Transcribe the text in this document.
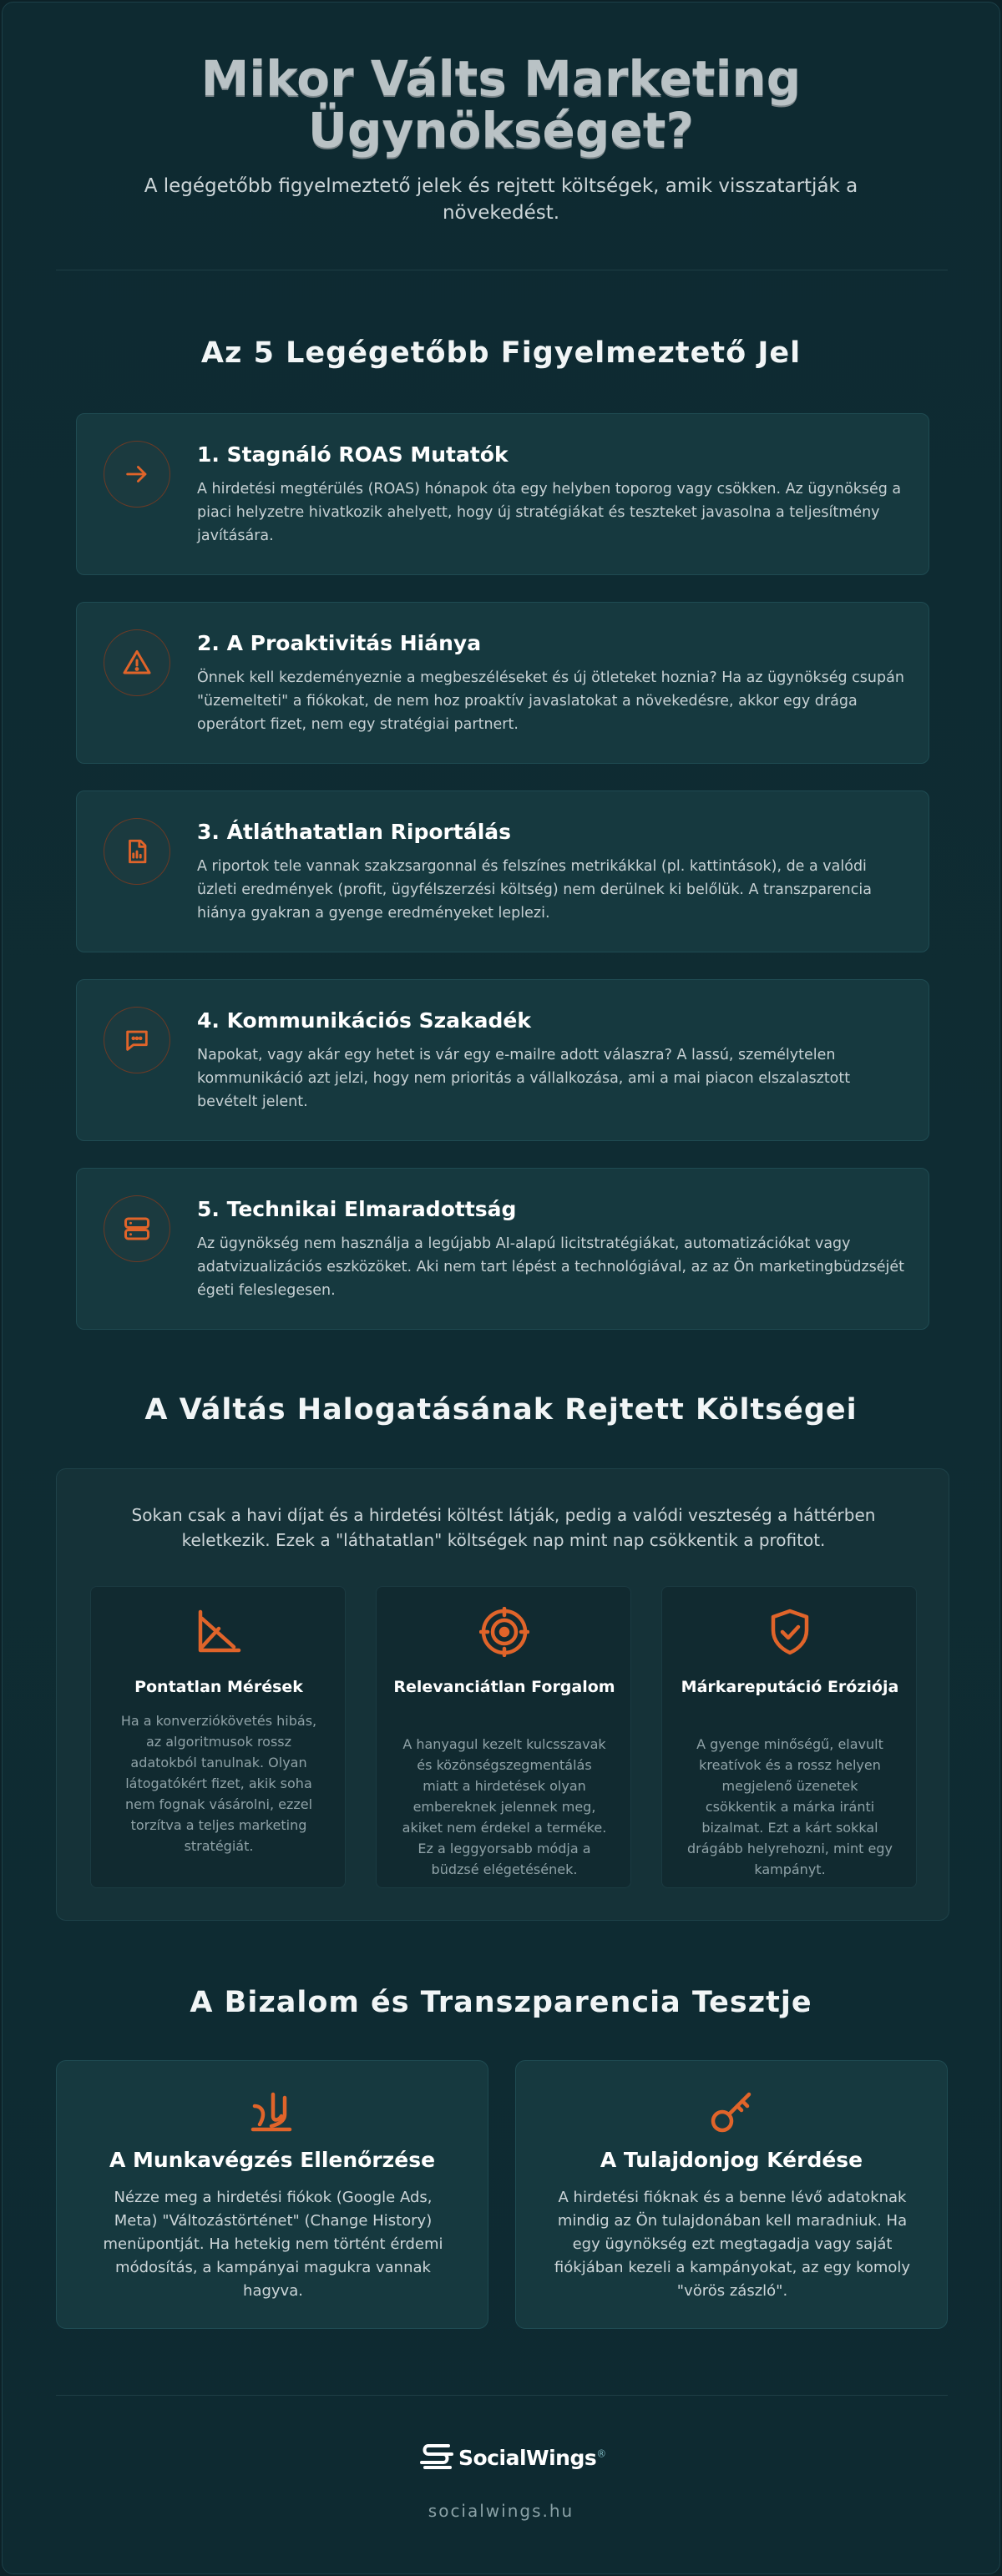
Mikor Válts Marketing Ügynökséget?

A legégetőbb figyelmeztető jelek és rejtett költségek, amik visszatartják a növekedést.

Az 5 Legégetőbb Figyelmeztető Jel
1. Stagnáló ROAS Mutatók
A hirdetési megtérülés (ROAS) hónapok óta egy helyben toporog vagy csökken. Az ügynökség a piaci helyzetre hivatkozik ahelyett, hogy új stratégiákat és teszteket javasolna a teljesítmény javítására.
2. A Proaktivitás Hiánya
Önnek kell kezdeményeznie a megbeszéléseket és új ötleteket hoznia? Ha az ügynökség csupán "üzemelteti" a fiókokat, de nem hoz proaktív javaslatokat a növekedésre, akkor egy drága operátort fizet, nem egy stratégiai partnert.
3. Átláthatatlan Riportálás
A riportok tele vannak szakzsargonnal és felszínes metrikákkal (pl. kattintások), de a valódi üzleti eredmények (profit, ügyfélszerzési költség) nem derülnek ki belőlük. A transzparencia hiánya gyakran a gyenge eredményeket leplezi.
4. Kommunikációs Szakadék
Napokat, vagy akár egy hetet is vár egy e-mailre adott válaszra? A lassú, személytelen kommunikáció azt jelzi, hogy nem prioritás a vállalkozása, ami a mai piacon elszalasztott bevételt jelent.
5. Technikai Elmaradottság
Az ügynökség nem használja a legújabb AI-alapú licitstratégiákat, automatizációkat vagy adatvizualizációs eszközöket. Aki nem tart lépést a technológiával, az az Ön marketingbüdzséjét égeti feleslegesen.
A Váltás Halogatásának Rejtett Költségei
Sokan csak a havi díjat és a hirdetési költést látják, pedig a valódi veszteség a háttérben keletkezik. Ezek a "láthatatlan" költségek nap mint nap csökkentik a profitot.
Pontatlan Mérések
Ha a konverziókövetés hibás, az algoritmusok rossz adatokból tanulnak. Olyan látogatókért fizet, akik soha nem fognak vásárolni, ezzel torzítva a teljes marketing stratégiát.
Relevanciátlan Forgalom
A hanyagul kezelt kulcsszavak és közönségszegmentálás miatt a hirdetések olyan embereknek jelennek meg, akiket nem érdekel a terméke. Ez a leggyorsabb módja a büdzsé elégetésének.
Márkareputáció Eróziója
A gyenge minőségű, elavult kreatívok és a rossz helyen megjelenő üzenetek csökkentik a márka iránti bizalmat. Ezt a kárt sokkal drágább helyrehozni, mint egy kampányt.
A Bizalom és Transzparencia Tesztje
A Munkavégzés Ellenőrzése
Nézze meg a hirdetési fiókok (Google Ads, Meta) "Változástörténet" (Change History) menüpontját. Ha hetekig nem történt érdemi módosítás, a kampányai magukra vannak hagyva.
A Tulajdonjog Kérdése
A hirdetési fióknak és a benne lévő adatoknak mindig az Ön tulajdonában kell maradniuk. Ha egy ügynökség ezt megtagadja vagy saját fiókjában kezeli a kampányokat, az egy komoly "vörös zászló".
SocialWings®
socialwings.hu
